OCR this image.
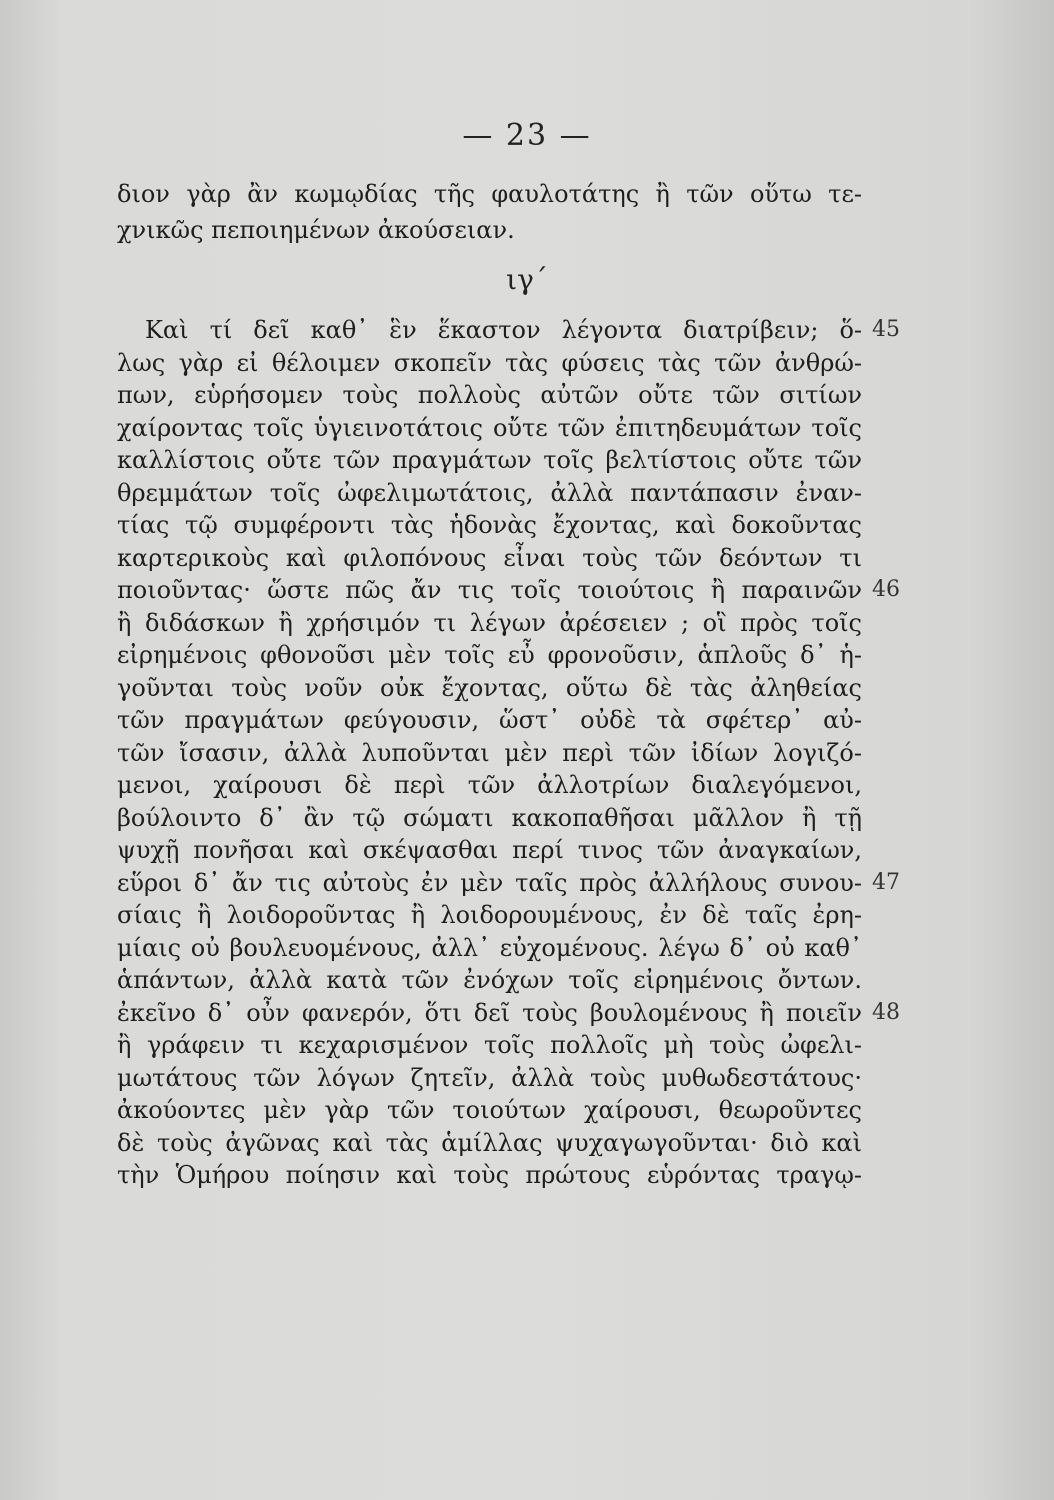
— 23 —
διον γὰρ ἂν κωμῳδίας τῆς φαυλοτάτης ἢ τῶν οὕτω τε-
χνικῶς πεποιημένων ἀκούσειαν.
ιγ´
Καὶ τί δεῖ καθ᾽ ἓν ἕκαστον λέγοντα διατρίβειν; ὅ-
λως γὰρ εἰ θέλοιμεν σκοπεῖν τὰς φύσεις τὰς τῶν ἀνθρώ-
πων, εὑρήσομεν τοὺς πολλοὺς αὐτῶν οὔτε τῶν σιτίων
χαίροντας τοῖς ὑγιεινοτάτοις οὔτε τῶν ἐπιτηδευμάτων τοῖς
καλλίστοις οὔτε τῶν πραγμάτων τοῖς βελτίστοις οὔτε τῶν
θρεμμάτων τοῖς ὠφελιμωτάτοις, ἀλλὰ παντάπασιν ἐναν-
τίας τῷ συμφέροντι τὰς ἡδονὰς ἔχοντας, καὶ δοκοῦντας
καρτερικοὺς καὶ φιλοπόνους εἶναι τοὺς τῶν δεόντων τι
ποιοῦντας· ὥστε πῶς ἄν τις τοῖς τοιούτοις ἢ παραινῶν
ἢ διδάσκων ἢ χρήσιμόν τι λέγων ἀρέσειεν ; οἳ πρὸς τοῖς
εἰρημένοις φθονοῦσι μὲν τοῖς εὖ φρονοῦσιν, ἁπλοῦς δ᾽ ἡ-
γοῦνται τοὺς νοῦν οὐκ ἔχοντας, οὕτω δὲ τὰς ἀληθείας
τῶν πραγμάτων φεύγουσιν, ὥστ᾽ οὐδὲ τὰ σφέτερ᾽ αὐ-
τῶν ἴσασιν, ἀλλὰ λυποῦνται μὲν περὶ τῶν ἰδίων λογιζό-
μενοι, χαίρουσι δὲ περὶ τῶν ἀλλοτρίων διαλεγόμενοι,
βούλοιντο δ᾽ ἂν τῷ σώματι κακοπαθῆσαι μᾶλλον ἢ τῇ
ψυχῇ πονῆσαι καὶ σκέψασθαι περί τινος τῶν ἀναγκαίων,
εὕροι δ᾽ ἄν τις αὐτοὺς ἐν μὲν ταῖς πρὸς ἀλλήλους συνου-
σίαις ἢ λοιδοροῦντας ἢ λοιδορουμένους, ἐν δὲ ταῖς ἐρη-
μίαις οὐ βουλευομένους, ἀλλ᾽ εὐχομένους. λέγω δ᾽ οὐ καθ᾽
ἁπάντων, ἀλλὰ κατὰ τῶν ἐνόχων τοῖς εἰρημένοις ὄντων.
ἐκεῖνο δ᾽ οὖν φανερόν, ὅτι δεῖ τοὺς βουλομένους ἢ ποιεῖν
ἢ γράφειν τι κεχαρισμένον τοῖς πολλοῖς μὴ τοὺς ὠφελι-
μωτάτους τῶν λόγων ζητεῖν, ἀλλὰ τοὺς μυθωδεστάτους·
ἀκούοντες μὲν γὰρ τῶν τοιούτων χαίρουσι, θεωροῦντες
δὲ τοὺς ἀγῶνας καὶ τὰς ἁμίλλας ψυχαγωγοῦνται· διὸ καὶ
τὴν Ὁμήρου ποίησιν καὶ τοὺς πρώτους εὑρόντας τραγῳ-
45
46
47
48
